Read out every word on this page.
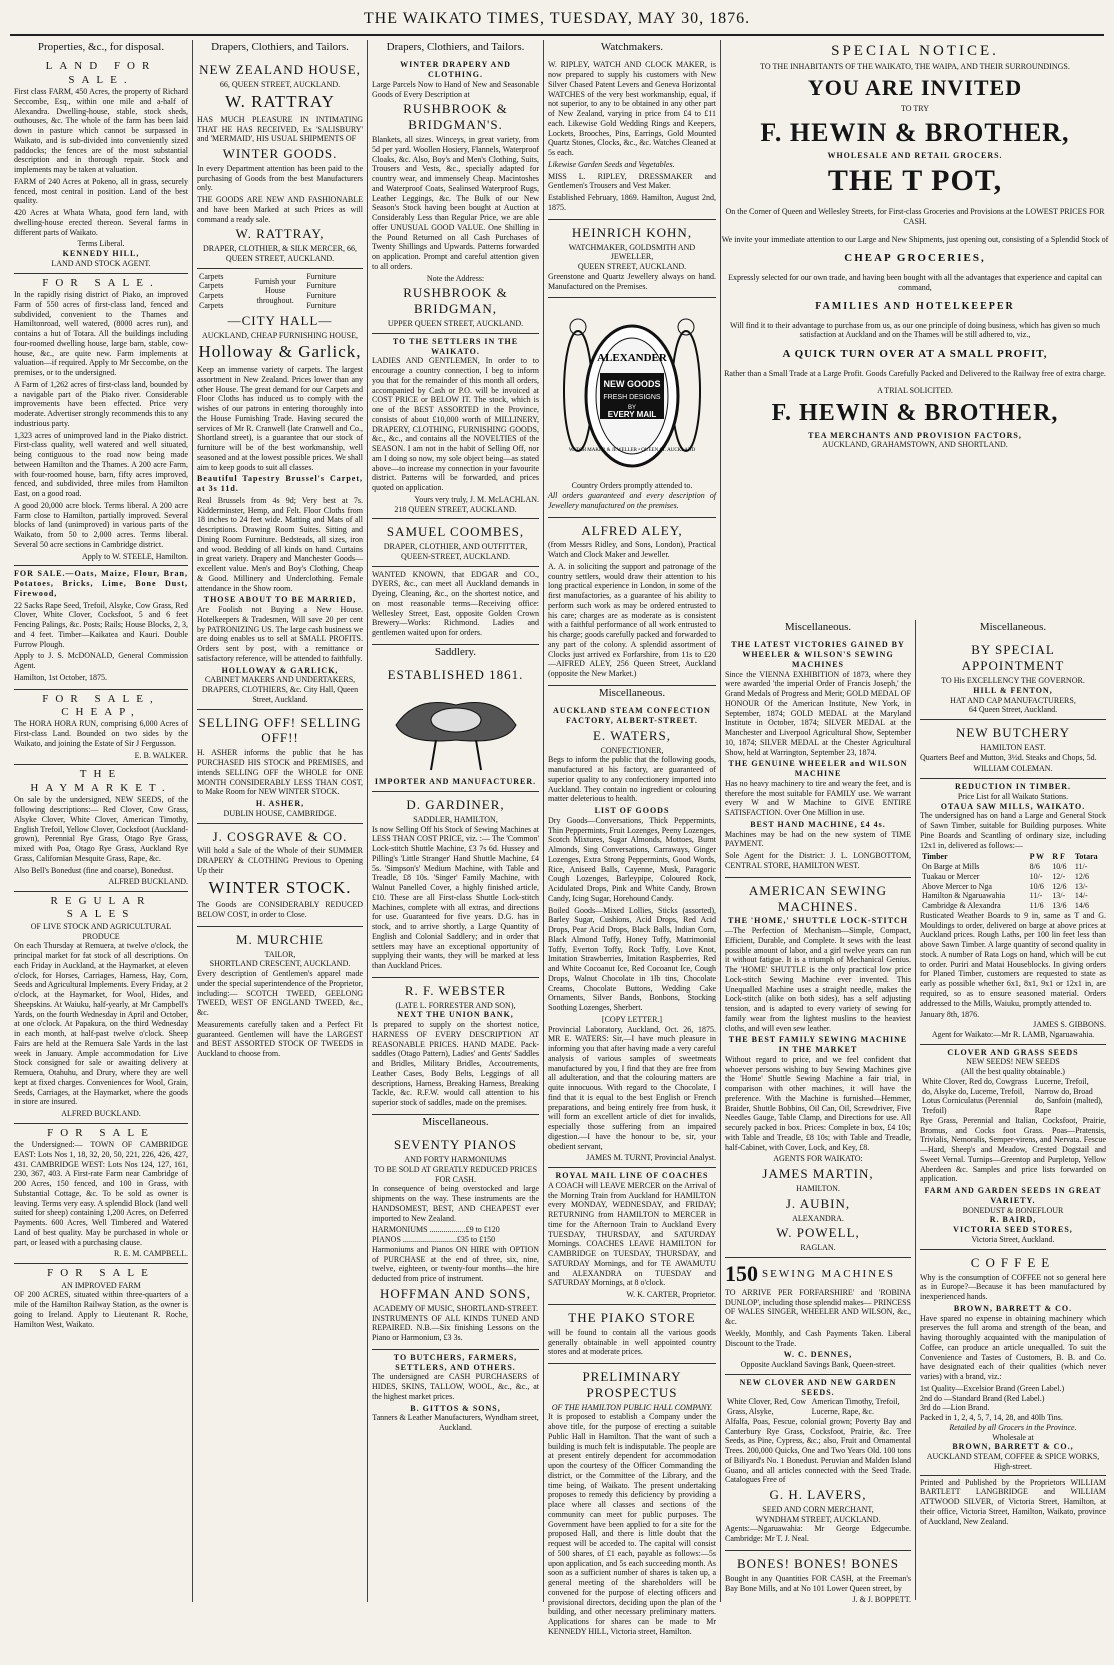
THE WAIKATO TIMES, TUESDAY, MAY 30, 1876.
Properties, &c., for disposal.
LAND FOR SALE.

First class FARM, 450 Acres, the property of Richard Seccombe, Esq., within one mile and a-half of Alexandra. Dwelling-house, stable, stock sheds, outhouses, &c. The whole of the farm has been laid down in pasture which cannot be surpassed in Waikato, and is sub-divided into conveniently sized paddocks; the fences are of the most substantial description and in thorough repair. Stock and implements may be taken at valuation.

FARM of 240 Acres at Pokeno, all in grass, securely fenced, most central in position. Land of the best quality.

420 Acres at Whata Whata, good fern land, with dwelling-house erected thereon. Several farms in different parts of Waikato.

Terms Liberal.
KENNEDY HILL,
LAND AND STOCK AGENT.
FOR SALE.

In the rapidly rising district of Piako, an improved Farm of 550 acres of first-class land, fenced and subdivided, convenient to the Thames and Hamiltonroad, well watered, (8000 acres run), and contains a hut of Totara. All the buildings including four-roomed dwelling house, large barn, stable, cow-house, &c., are quite new. Farm implements at valuation—if required. Apply to Mr Seccombe, on the premises, or to the undersigned.

A Farm of 1,262 acres of first-class land, bounded by a navigable part of the Piako river. Considerable improvements have been effected. Price very moderate. Advertiser strongly recommends this to any industrious party.

1,323 acres of unimproved land in the Piako district. First-class quality, well watered and well situated, being contiguous to the road now being made between Hamilton and the Thames. A 200 acre Farm, with four-roomed house, barn, fifty acres improved, fenced, and subdivided, three miles from Hamilton East, on a good road.

A good 20,000 acre block. Terms liberal. A 200 acre Farm close to Hamilton, partially improved. Several blocks of land (unimproved) in various parts of the Waikato, from 50 to 2,000 acres. Terms liberal. Several 50 acre sections in Cambridge district.

Apply to W. STEELE, Hamilton.

FOR SALE.—Oats, Maize, Flour, Bran, Potatoes, Bricks, Lime, Bone Dust, Firewood,

22 Sacks Rape Seed, Trefoil, Alsyke, Cow Grass, Red Clover, White Clover, Cocksfoot, 5 and 6 feet Fencing Palings, &c. Posts; Rails; House Blocks, 2, 3, and 4 feet. Timber—Kaikatea and Kauri. Double Furrow Plough.

Apply to J. S. McDONALD, General Commission Agent.

Hamilton, 1st October, 1875.

FOR SALE, CHEAP,

The HORA HORA RUN, comprising 6,000 Acres of First-class Land. Bounded on two sides by the Waikato, and joining the Estate of Sir J Fergusson.

E. B. WALKER.
THE HAYMARKET.

On sale by the undersigned, NEW SEEDS, of the following descriptions:— Red Clover, Cow Grass, Alsyke Clover, White Clover, American Timothy, English Trefoil, Yellow Clover, Cocksfoot (Auckland-grown), Perennial Rye Grass, Otago Rye Grass, mixed with Poa, Otago Rye Grass, Auckland Rye Grass, Californian Mesquite Grass, Rape, &c.

Also Bell's Bonedust (fine and coarse), Bonedust.

ALFRED BUCKLAND.
REGULAR SALES
OF LIVE STOCK AND AGRICULTURAL PRODUCE

On each Thursday at Remuera, at twelve o'clock, the principal market for fat stock of all descriptions. On each Friday in Auckland, at the Haymarket, at eleven o'clock, for Horses, Carriages, Harness, Hay, Corn, Seeds and Agricultural Implements. Every Friday, at 2 o'clock, at the Haymarket, for Wool, Hides, and Sheepskins. At Waiuku, half-yearly, at Mr Campbell's Yards, on the fourth Wednesday in April and October, at one o'clock. At Papakura, on the third Wednesday in each month, at half-past twelve o'clock. Sheep Fairs are held at the Remuera Sale Yards in the last week in January. Ample accommodation for Live Stock consigned for sale or awaiting delivery at Remuera, Otahuhu, and Drury, where they are well kept at fixed charges. Conveniences for Wool, Grain, Seeds, Carriages, at the Haymarket, where the goods in store are insured.

ALFRED BUCKLAND.
FOR SALE

the Undersigned:— TOWN OF CAMBRIDGE EAST: Lots Nos 1, 18, 32, 20, 50, 221, 226, 426, 427, 431. CAMBRIDGE WEST: Lots Nos 124, 127, 161, 230, 367, 403. A First-rate Farm near Cambridge of 200 Acres, 150 fenced, and 100 in Grass, with Substantial Cottage, &c. To be sold as owner is leaving. Terms very easy. A splendid Block (land well suited for sheep) containing 1,200 Acres, on Deferred Payments. 600 Acres, Well Timbered and Watered Land of best quality. May be purchased in whole or part, or leased with a purchasing clause.

R. E. M. CAMPBELL.
FOR SALE
AN IMPROVED FARM

OF 200 ACRES, situated within three-quarters of a mile of the Hamilton Railway Station, as the owner is going to Ireland. Apply to Lieutenant R. Roche, Hamilton West, Waikato.

Drapers, Clothiers, and Tailors.
NEW ZEALAND HOUSE,
66, QUEEN STREET, AUCKLAND.
W. RATTRAY

HAS MUCH PLEASURE IN INTIMATING THAT HE HAS RECEIVED, Ex 'SALISBURY' and 'MERMAID', HIS USUAL SHIPMENTS OF

WINTER GOODS.

In every Department attention has been paid to the purchasing of Goods from the best Manufacturers only.

THE GOODS ARE NEW AND FASHIONABLE and have been Marked at such Prices as will command a ready sale.

W. RATTRAY,
DRAPER, CLOTHIER, & SILK MERCER, 66, QUEEN STREET, AUCKLAND.
Carpets Carpets Carpets Carpets	Furnish your House throughout.	Furniture Furniture Furniture Furniture
—CITY HALL—
AUCKLAND, CHEAP FURNISHING HOUSE,
Holloway & Garlick,

Keep an immense variety of carpets. The largest assortment in New Zealand. Prices lower than any other House. The great demand for our Carpets and Floor Cloths has induced us to comply with the wishes of our patrons in entering thoroughly into the House Furnishing Trade. Having secured the services of Mr R. Cranwell (late Cranwell and Co., Shortland street), is a guarantee that our stock of furniture will be of the best workmanship, well seasoned and at the lowest possible prices. We shall aim to keep goods to suit all classes.

Beautiful Tapestry Brussel's Carpet, at 3s 11d.

Real Brussels from 4s 9d; Very best at 7s. Kidderminster, Hemp, and Felt. Floor Cloths from 18 inches to 24 feet wide. Matting and Mats of all descriptions. Drawing Room Suites. Sitting and Dining Room Furniture. Bedsteads, all sizes, iron and wood. Bedding of all kinds on hand. Curtains in great variety. Drapery and Manchester Goods—excellent value. Men's and Boy's Clothing, Cheap & Good. Millinery and Underclothing. Female attendance in the Show room.

THOSE ABOUT TO BE MARRIED,

Are Foolish not Buying a New House. Hotelkeepers & Tradesmen, Will save 20 per cent by PATRONIZING US. The large cash business we are doing enables us to sell at SMALL PROFITS. Orders sent by post, with a remittance or satisfactory reference, will be attended to faithfully.

HOLLOWAY & GARLICK,
CABINET MAKERS AND UNDERTAKERS, DRAPERS, CLOTHIERS, &c. City Hall, Queen Street, Auckland.
SELLING OFF! SELLING OFF!!

H. ASHER informs the public that he has PURCHASED HIS STOCK and PREMISES, and intends SELLING OFF the WHOLE for ONE MONTH CONSIDERABLY LESS THAN COST, to Make Room for NEW WINTER STOCK.

H. ASHER,
DUBLIN HOUSE, CAMBRIDGE.
J. COSGRAVE & CO.

Will hold a Sale of the Whole of their SUMMER DRAPERY & CLOTHING Previous to Opening Up their

WINTER STOCK.

The Goods are CONSIDERABLY REDUCED BELOW COST, in order to Close.

M. MURCHIE
TAILOR,
SHORTLAND CRESCENT, AUCKLAND.

Every description of Gentlemen's apparel made under the special superintendence of the Proprietor, including:— SCOTCH TWEED, GEELONG TWEED, WEST OF ENGLAND TWEED, &c., &c.

Measurements carefully taken and a Perfect Fit guaranteed. Gentlemen will have the LARGEST and BEST ASSORTED STOCK OF TWEEDS in Auckland to choose from.

Drapers, Clothiers, and Tailors.
WINTER DRAPERY AND CLOTHING.

Large Parcels Now to Hand of New and Seasonable Goods of Every Description at

RUSHBROOK & BRIDGMAN'S.

Blankets, all sizes. Winceys, in great variety, from 5d per yard. Woollen Hosiery, Flannels, Waterproof Cloaks, &c. Also, Boy's and Men's Clothing, Suits, Trousers and Vests, &c., specially adapted for country wear, and immensely Cheap. Macintoshes and Waterproof Coats, Sealinsed Waterproof Rugs, Leather Leggings, &c. The Bulk of our New Season's Stock having been bought at Auction at Considerably Less than Regular Price, we are able offer UNUSUAL GOOD VALUE. One Shilling in the Pound Returned on all Cash Purchases of Twenty Shillings and Upwards. Patterns forwarded on application. Prompt and careful attention given to all orders.

Note the Address:
RUSHBROOK & BRIDGMAN,
UPPER QUEEN STREET, AUCKLAND.
TO THE SETTLERS IN THE WAIKATO.

LADIES AND GENTLEMEN, In order to to encourage a country connection, I beg to inform you that for the remainder of this month all orders, accompanied by Cash or P.O. will be invoiced at COST PRICE or BELOW IT. The stock, which is one of the BEST ASSORTED in the Province, consists of about £10,000 worth of MILLINERY, DRAPERY, CLOTHING, FURNISHING GOODS, &c., &c., and contains all the NOVELTIES of the SEASON. I am not in the habit of Selling Off, nor am I doing so now, my sole object being—as stated above—to increase my connection in your favourite district. Patterns will be forwarded, and prices quoted on application.

Yours very truly, J. M. McLACHLAN.
218 QUEEN STREET, AUCKLAND.
SAMUEL COOMBES,
DRAPER, CLOTHIER, AND OUTFITTER,
QUEEN-STREET, AUCKLAND.

WANTED KNOWN, that EDGAR and CO., DYERS, &c., can meet all Auckland demands in Dyeing, Cleaning, &c., on the shortest notice, and on most reasonable terms—Receiving office: Wellesley Street, East, opposite Golden Crown Brewery—Works: Richmond. Ladies and gentlemen waited upon for orders.

Saddlery.
ESTABLISHED 1861.
IMPORTER AND MANUFACTURER.
D. GARDINER,
SADDLER, HAMILTON,

Is now Selling Off his Stock of Sewing Machines at LESS THAN COST PRICE, viz. :— The 'Common' Lock-stitch Shuttle Machine, £3 7s 6d. Hussey and Pilling's 'Little Stranger' Hand Shuttle Machine, £4 5s. 'Simpson's' Medium Machine, with Table and Treadle, £8 10s. 'Singer' Family Machine, with Walnut Panelled Cover, a highly finished article, £10. These are all First-class Shuttle Lock-stitch Machines, complete with all extras, and directions for use. Guaranteed for five years. D.G. has in stock, and to arrive shortly, a Large Quantity of English and Colonial Saddlery; and in order that settlers may have an exceptional opportunity of supplying their wants, they will be marked at less than Auckland Prices.

R. F. WEBSTER
(LATE L. FORRESTER AND SON),
NEXT THE UNION BANK,

Is prepared to supply on the shortest notice, HARNESS OF EVERY DESCRIPTION AT REASONABLE PRICES. HAND MADE. Pack-saddles (Otago Pattern), Ladies' and Gents' Saddles and Bridles, Military Bridles, Accoutrements, Leather Cases, Body Belts, Leggings of all descriptions, Harness, Breaking Harness, Breaking Tackle, &c. R.F.W. would call attention to his superior stock of saddles, made on the premises.

Miscellaneous.
SEVENTY PIANOS
AND FORTY HARMONIUMS
TO BE SOLD AT GREATLY REDUCED PRICES FOR CASH.

In consequence of being overstocked and large shipments on the way. These instruments are the HANDSOMEST, BEST, AND CHEAPEST ever imported to New Zealand.

HARMONIUMS ..................£9 to £120
PIANOS ...........................£35 to £150

Harmoniums and Pianos ON HIRE with OPTION of PURCHASE at the end of three, six, nine, twelve, eighteen, or twenty-four months—the hire deducted from price of instrument.

HOFFMAN AND SONS,
ACADEMY OF MUSIC, SHORTLAND-STREET.

INSTRUMENTS OF ALL KINDS TUNED AND REPAIRED. N.B.—Six finishing Lessons on the Piano or Harmonium, £3 3s.

TO BUTCHERS, FARMERS, SETTLERS, AND OTHERS.

The undersigned are CASH PURCHASERS of HIDES, SKINS, TALLOW, WOOL, &c., &c., at the highest market prices.

B. GITTOS & SONS,
Tanners & Leather Manufacturers, Wyndham street, Auckland.
Watchmakers.

W. RIPLEY, WATCH AND CLOCK MAKER, is now prepared to supply his customers with New Silver Chased Patent Levers and Geneva Horizontal WATCHES of the very best workmanship, equal, if not superior, to any to be obtained in any other part of New Zealand, varying in price from £4 to £11 each. Likewise Gold Wedding Rings and Keepers, Lockets, Brooches, Pins, Earrings, Gold Mounted Quartz Stones, Clocks, &c., &c. Watches Cleaned at 5s each.

Likewise Garden Seeds and Vegetables.

MISS L. RIPLEY, DRESSMAKER and Gentlemen's Trousers and Vest Maker.

Established February, 1869. Hamilton, August 2nd, 1875.

HEINRICH KOHN,
WATCHMAKER, GOLDSMITH AND JEWELLER,
QUEEN STREET, AUCKLAND.

Greenstone and Quartz Jewellery always on hand. Manufactured on the Premises.

ALEXANDER
NEW GOODS
FRESH DESIGNS
BY
EVERY MAIL
WATCH MAKER & JEWELLER • QUEEN ST. AUCKLAND
Country Orders promptly attended to.

All orders guaranteed and every description of Jewellery manufactured on the premises.

ALFRED ALEY,

(from Messrs Ridley, and Sons, London), Practical Watch and Clock Maker and Jeweller.

A. A. in soliciting the support and patronage of the country settlers, would draw their attention to his long practical experience in London, in some of the first manufactories, as a guarantee of his ability to perform such work as may be ordered entrusted to his care; charges are as moderate as is consistent with a faithful performance of all work entrusted to his charge; goods carefully packed and forwarded to any part of the colony. A splendid assortment of Clocks just arrived ex Forfarshire, from 11s to £20—AIFRED ALEY, 256 Queen Street, Auckland (opposite the New Market.)

Miscellaneous.
AUCKLAND STEAM CONFECTION FACTORY, ALBERT-STREET.
E. WATERS,
CONFECTIONER,

Begs to inform the public that the following goods, manufactured at his factory, are guaranteed of superior quality to any confectionery imported into Auckland. They contain no ingredient or colouring matter deleterious to health.

LIST OF GOODS

Dry Goods—Conversations, Thick Peppermints, Thin Peppermints, Fruit Lozenges, Peeny Lozenges, Scotch Mixtures, Sugar Almonds, Mottoes, Burnt Almonds, Sing Conversations, Carraways, Ginger Lozenges, Extra Strong Peppermints, Good Words, Rice, Aniseed Balls, Cayenne, Musk, Paragoric Cough Lozenges, Barleypipe, Coloured Rock, Acidulated Drops, Pink and White Candy, Brown Candy, Icing Sugar, Horehound Candy.

Boiled Goods—Mixed Lollies, Sticks (assorted), Barley Sugar, Cushions, Acid Drops, Red Acid Drops, Pear Acid Drops, Black Balls, Indian Corn, Black Almond Toffy, Honey Toffy, Matrimonial Toffy, Everton Toffy, Rock Toffy, Love Knot, Imitation Strawberries, Imitation Raspberries, Red and White Cocoanut Ice, Red Cocoanut Ice, Cough Drops, Walnut Chocolate in 1lb tins, Chocolate Creams, Chocolate Buttons, Wedding Cake Ornaments, Silver Bands, Bonbons, Stocking Soothing Lozenges, Sherbert.

[COPY LETTER.]

Provincial Laboratory, Auckland, Oct. 26, 1875. MR E. WATERS: Sir,—I have much pleasure in informing you that after having made a very careful analysis of various samples of sweetmeats manufactured by you, I find that they are free from all adulteration, and that the colouring matters are quite innocuous. With regard to the Chocolate, I find that it is equal to the best English or French preparations, and being entirely free from husk, it will form an excellent article of diet for invalids, especially those suffering from an impaired digestion.—I have the honour to be, sir, your obedient servant,

JAMES M. TURNT, Provincial Analyst.
ROYAL MAIL LINE OF COACHES

A COACH will LEAVE MERCER on the Arrival of the Morning Train from Auckland for HAMILTON every MONDAY, WEDNESDAY, and FRIDAY; RETURNING from HAMILTON to MERCER in time for the Afternoon Train to Auckland Every TUESDAY, THURSDAY, and SATURDAY Mornings. COACHES LEAVE HAMILTON for CAMBRIDGE on TUESDAY, THURSDAY, and SATURDAY Mornings, and for TE AWAMUTU and ALEXANDRA on TUESDAY and SATURDAY Mornings, at 8 o'clock.

W. K. CARTER, Proprietor.
THE PIAKO STORE

will be found to contain all the various goods generally obtainable in well appointed country stores and at moderate prices.

PRELIMINARY PROSPECTUS
OF THE HAMILTON PUBLIC HALL COMPANY.

It is proposed to establish a Company under the above title, for the purpose of erecting a suitable Public Hall in Hamilton. That the want of such a building is much felt is indisputable. The people are at present entirely dependent for accommodation upon the courtesy of the Officer Commanding the district, or the Committee of the Library, and the time being, of Waikato. The present undertaking proposes to remedy this deficiency by providing a place where all classes and sections of the community can meet for public purposes. The Government have been applied to for a site for the proposed Hall, and there is little doubt that the request will be acceded to. The capital will consist of 500 shares, of £1 each, payable as follows:—5s upon application, and 5s each succeeding month. As soon as a sufficient number of shares is taken up, a general meeting of the shareholders will be convened for the purpose of electing officers and provisional directors, deciding upon the plan of the building, and other necessary preliminary matters. Applications for shares can be made to Mr KENNEDY HILL, Victoria street, Hamilton.

SPECIAL NOTICE.
TO THE INHABITANTS OF THE WAIKATO, THE WAIPA, AND THEIR SURROUNDINGS.
YOU ARE INVITED
TO TRY
F. HEWIN & BROTHER,
WHOLESALE AND RETAIL GROCERS.
THE T POT,

On the Corner of Queen and Wellesley Streets, for First-class Groceries and Provisions at the LOWEST PRICES FOR CASH.

We invite your immediate attention to our Large and New Shipments, just opening out, consisting of a Splendid Stock of

CHEAP GROCERIES,

Expressly selected for our own trade, and having been bought with all the advantages that experience and capital can command,

FAMILIES AND HOTELKEEPER

Will find it to their advantage to purchase from us, as our one principle of doing business, which has given so much satisfaction at Auckland and on the Thames will be still adhered to, viz.,

A QUICK TURN OVER AT A SMALL PROFIT,

Rather than a Small Trade at a Large Profit. Goods Carefully Packed and Delivered to the Railway free of extra charge.

A TRIAL SOLICITED.
F. HEWIN & BROTHER,
TEA MERCHANTS AND PROVISION FACTORS,
AUCKLAND, GRAHAMSTOWN, AND SHORTLAND.
Miscellaneous.
THE LATEST VICTORIES GAINED BY WHEELER & WILSON'S SEWING MACHINES

Since the VIENNA EXHIBITION of 1873, where they were awarded 'the imperial Order of Francis Joseph,' the Grand Medals of Progress and Merit; GOLD MEDAL OF HONOUR Of the American Institute, New York, in September, 1874; GOLD MEDAL at the Maryland Institute in October, 1874; SILVER MEDAL at the Manchester and Liverpool Agricultural Show, September 10, 1874; SILVER MEDAL at the Chester Agricultural Show, held at Warrington, September 23, 1874.

THE GENUINE WHEELER and WILSON MACHINE

Has no heavy machinery to tire and weary the feet, and is therefore the most suitable for FAMILY use. We warrant every W and W Machine to GIVE ENTIRE SATISFACTION. Over One Million in use.

BEST HAND MACHINE, £4 4s.

Machines may be had on the new system of TIME PAYMENT.

Sole Agent for the District: J. L. LONGBOTTOM, CENTRAL STORE, HAMILTON WEST.

AMERICAN SEWING MACHINES.
THE 'HOME,' SHUTTLE LOCK-STITCH

—The Perfection of Mechanism—Simple, Compact, Efficient, Durable, and Complete. It sews with the least possible amount of labor, and a girl twelve years can run it without fatigue. It is a triumph of Mechanical Genius. The 'HOME' SHUTTLE is the only practical low price Lock-stitch Sewing Machine ever invented. This Unequalled Machine uses a straight needle, makes the Lock-stitch (alike on both sides), has a self adjusting tension, and is adapted to every variety of sewing for family wear from the lightest muslins to the heaviest cloths, and will even sew leather.

THE BEST FAMILY SEWING MACHINE IN THE MARKET

Without regard to price, and we feel confident that whoever persons wishing to buy Sewing Machines give the 'Home' Shuttle Sewing Machine a fair trial, in comparison with other machines, it will have the preference. With the Machine is furnished—Hemmer, Braider, Shuttle Bobbins, Oil Can, Oil, Screwdriver, Five Needles Gauge, Table Clamp, and Directions for use. All securely packed in box. Prices: Complete in box, £4 10s; with Table and Treadle, £8 10s; with Table and Treadle, half-Cabinet, with Cover, Lock, and Key, £8.

AGENTS FOR WAIKATO:
JAMES MARTIN,
HAMILTON.
J. AUBIN,
ALEXANDRA.
W. POWELL,
RAGLAN.
150 SEWING MACHINES

TO ARRIVE PER FORFARSHIRE' and 'ROBINA DUNLOP', including those splendid makes— PRINCESS OF WALES SINGER, WHEELER AND WILSON, &c., &c.

Weekly, Monthly, and Cash Payments Taken. Liberal Discount to the Trade.

W. C. DENNES,
Opposite Auckland Savings Bank, Queen-street.
NEW CLOVER AND NEW GARDEN SEEDS.
White Clover, Red, Cow Grass, Alsyke,	American Timothy, Trefoil, Lucerne, Rape, &c.

Alfalfa, Poas, Fescue, colonial grown; Poverty Bay and Canterbury Rye Grass, Cocksfoot, Prairie, &c. Tree Seeds, as Pine, Cypress, &c.; also, Fruit and Ornamental Trees. 200,000 Quicks, One and Two Years Old. 100 tons of Biliyard's No. 1 Bonedust. Peruvian and Malden Island Guano, and all articles connected with the Seed Trade. Catalogues Free of

G. H. LAVERS,
SEED AND CORN MERCHANT,
WYNDHAM STREET, AUCKLAND.

Agents:—Ngaruawahia: Mr George Edgecumbe. Cambridge: Mr T. J. Neal.

BONES! BONES! BONES

Bought in any Quantities FOR CASH, at the Freeman's Bay Bone Mills, and at No 101 Lower Queen street, by

J. & J. BOPPETT.
Miscellaneous.
BY SPECIAL APPOINTMENT
TO His EXCELLENCY THE GOVERNOR.
HILL & FENTON,
HAT AND CAP MANUFACTURERS,
64 Queen Street, Auckland.
NEW BUTCHERY
HAMILTON EAST.

Quarters Beef and Mutton, 3½d. Steaks and Chops, 5d.

WILLIAM COLEMAN.
REDUCTION IN TIMBER.
Price List for all Waikato Stations.
OTAUA SAW MILLS, WAIKATO.

The undersigned has on hand a Large and General Stock of Sawn Timber, suitable for Building purposes. White Pine Boards and Scantling of ordinary size, including 12x1 in, delivered as follows:—

Timber	P W	R F	Totara
On Barge at Mills	8/6	10/6	11/-
Tuakau or Mercer	10/-	12/-	12/6
Above Mercer to Nga	10/6	12/6	13/-
Hamilton & Ngaruawahia	11/-	13/-	14/-
Cambridge & Alexandra	11/6	13/6	14/6

Rusticated Weather Boards to 9 in, same as T and G. Mouldings to order, delivered on barge at above prices at Auckland prices. Rough Laths, per 100 lin feet less than above Sawn Timber. A large quantity of second quality in stock. A number of Rata Logs on hand, which will be cut to order. Puriri and Matai Houseblocks. In giving orders for Planed Timber, customers are requested to state as early as possible whether 6x1, 8x1, 9x1 or 12x1 in, are required, so as to ensure seasoned material. Orders addressed to the Mills, Waiuku, promptly attended to.

January 8th, 1876.
JAMES S. GIBBONS.
Agent for Waikato:—Mr R. LAMB, Ngaruawahia.
CLOVER AND GRASS SEEDS
NEW SEEDS! NEW SEEDS
(All the best quality obtainable.)
White Clover, Red do, Cowgrass do, Alsyke do, Lucerne, Trefoil, Lotus Corniculatus (Perennial Trefoil)	Lucerne, Trefoil, Narrow do, Broad do, Sanfoin (malted), Rape

Rye Grass, Perennial and Italian, Cocksfoot, Prairie, Bromus, and Cocks foot Grass. Poas—Pratensis, Trivialis, Nemoralis, Semper-virens, and Nervata. Fescue—Hard, Sheep's and Meadow, Crested Dogstail and Sweet Vernal. Turnips—Greentop and Purpletop, Yellow Aberdeen &c. Samples and price lists forwarded on application.

FARM AND GARDEN SEEDS IN GREAT VARIETY.
BONEDUST & BONEFLOUR
R. BAIRD,
VICTORIA SEED STORES,
Victoria Street, Auckland.
COFFEE

Why is the consumption of COFFEE not so general here as in Europe?—Because it has been manufactured by inexperienced hands.

BROWN, BARRETT & CO.

Have spared no expense in obtaining machinery which preserves the full aroma and strength of the bean, and having thoroughly acquainted with the manipulation of Coffee, can produce an article unequalled. To suit the Convenience and Tastes of Customers, B. B. and Co. have designated each of their qualities (which never varies) with a brand, viz.:

1st Quality—Excelsior Brand (Green Label.)
2nd do —Standard Brand (Red Label.)
3rd do —Lion Brand.
Packed in 1, 2, 4, 5, 7, 14, 28, and 40lb Tins.
Retailed by all Grocers in the Province.
Wholesale at
BROWN, BARRETT & CO.,
AUCKLAND STEAM, COFFEE & SPICE WORKS, High-street.

Printed and Published by the Proprietors WILLIAM BARTLETT LANGBRIDGE and WILLIAM ATTWOOD SILVER, of Victoria Street, Hamilton, at their office, Victoria Street, Hamilton, Waikato, province of Auckland, New Zealand.
